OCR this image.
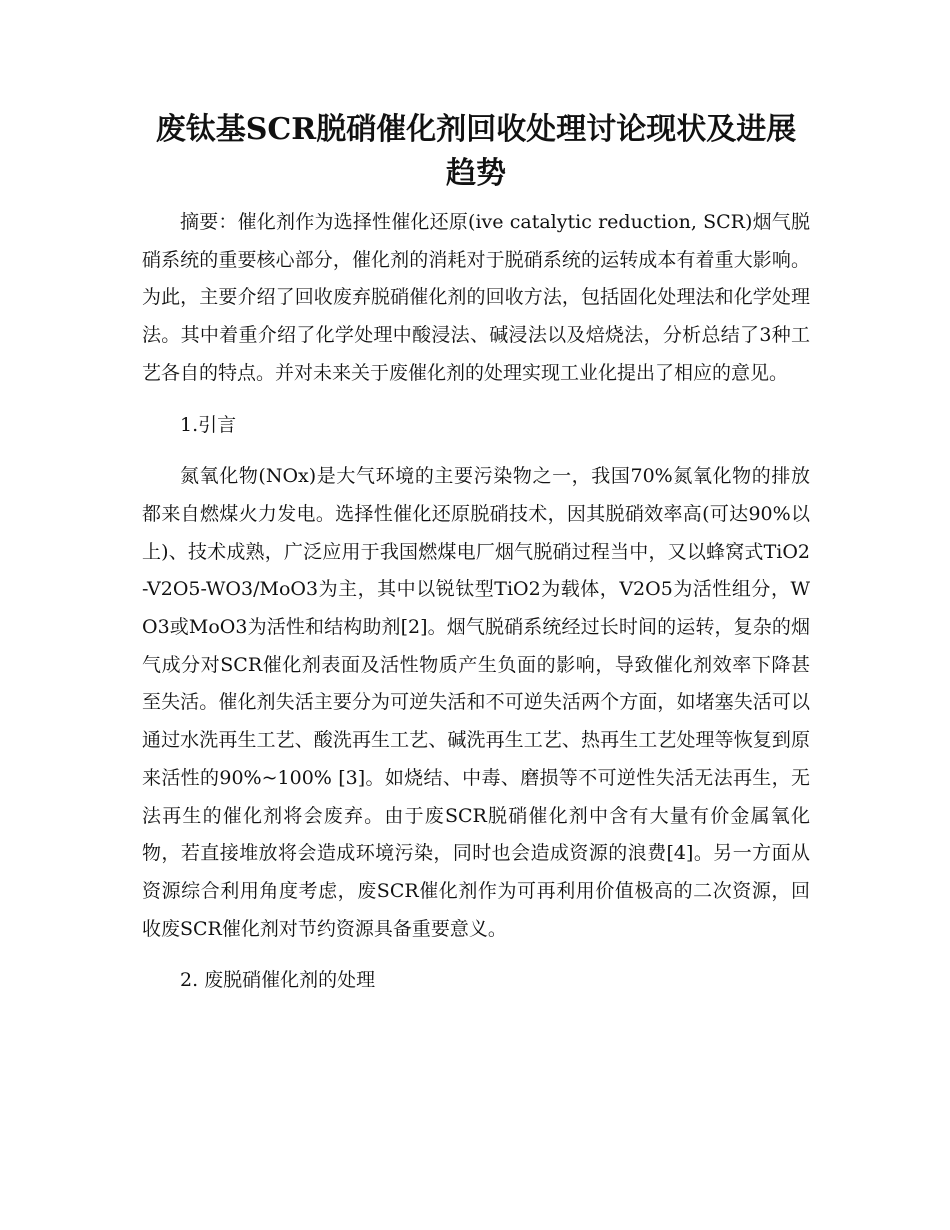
废钛基SCR脱硝催化剂回收处理讨论现状及进展趋势

摘要：催化剂作为选择性催化还原(ive catalytic reduction, SCR)烟气脱硝系统的重要核心部分，催化剂的消耗对于脱硝系统的运转成本有着重大影响。为此，主要介绍了回收废弃脱硝催化剂的回收方法，包括固化处理法和化学处理法。其中着重介绍了化学处理中酸浸法、碱浸法以及焙烧法，分析总结了3种工艺各自的特点。并对未来关于废催化剂的处理实现工业化提出了相应的意见。

1.引言

氮氧化物(NOx)是大气环境的主要污染物之一，我国70%氮氧化物的排放都来自燃煤火力发电。选择性催化还原脱硝技术，因其脱硝效率高(可达90%以上)、技术成熟，广泛应用于我国燃煤电厂烟气脱硝过程当中，又以蜂窝式TiO2-V2O5-WO3/MoO3为主，其中以锐钛型TiO2为载体，V2O5为活性组分，WO3或MoO3为活性和结构助剂[2]。烟气脱硝系统经过长时间的运转，复杂的烟气成分对SCR催化剂表面及活性物质产生负面的影响，导致催化剂效率下降甚至失活。催化剂失活主要分为可逆失活和不可逆失活两个方面，如堵塞失活可以通过水洗再生工艺、酸洗再生工艺、碱洗再生工艺、热再生工艺处理等恢复到原来活性的90%~100% [3]。如烧结、中毒、磨损等不可逆性失活无法再生，无法再生的催化剂将会废弃。由于废SCR脱硝催化剂中含有大量有价金属氧化物，若直接堆放将会造成环境污染，同时也会造成资源的浪费[4]。另一方面从资源综合利用角度考虑，废SCR催化剂作为可再利用价值极高的二次资源，回收废SCR催化剂对节约资源具备重要意义。

2. 废脱硝催化剂的处理
